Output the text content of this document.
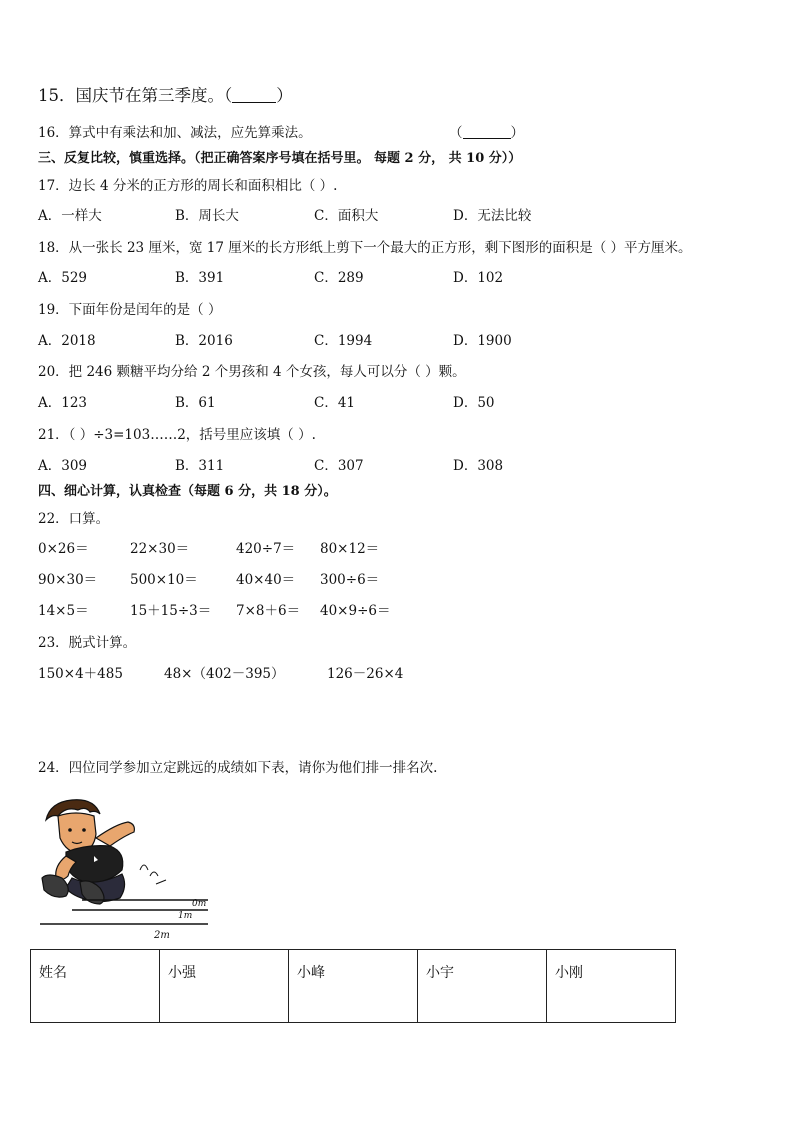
15．国庆节在第三季度。（	）
16．算式中有乘法和加、减法，应先算乘法。	（	）
三、反复比较，慎重选择。（把正确答案序号填在括号里。 每题 2 分， 共 10 分））
17．边长 4 分米的正方形的周长和面积相比（ ）.
A．一样大	B．周长大	C．面积大	D．无法比较
18．从一张长 23 厘米，宽 17 厘米的长方形纸上剪下一个最大的正方形，剩下图形的面积是（ ）平方厘米。
A．529	B．391	C．289	D．102
19．下面年份是闰年的是（ ）
A．2018	B．2016	C．1994	D．1900
20．把 246 颗糖平均分给 2 个男孩和 4 个女孩，每人可以分（ ）颗。
A．123	B．61	C．41	D．50
21．（ ）÷3=103……2，括号里应该填（ ）.
A．309	B．311	C．307	D．308
四、细心计算，认真检查（每题 6 分，共 18 分）。
22．口算。
0×26＝	22×30＝	420÷7＝ 80×12＝
90×30＝ 500×10＝	40×40＝ 300÷6＝
14×5＝	15＋15÷3＝ 7×8＋6＝ 40×9÷6＝
23．脱式计算。
150×4＋485	48×（402－395）	126－26×4
24．四位同学参加立定跳远的成绩如下表，请你为他们排一排名次.
0m
1m
2m
姓名	小强	小峰	小宇	小刚
